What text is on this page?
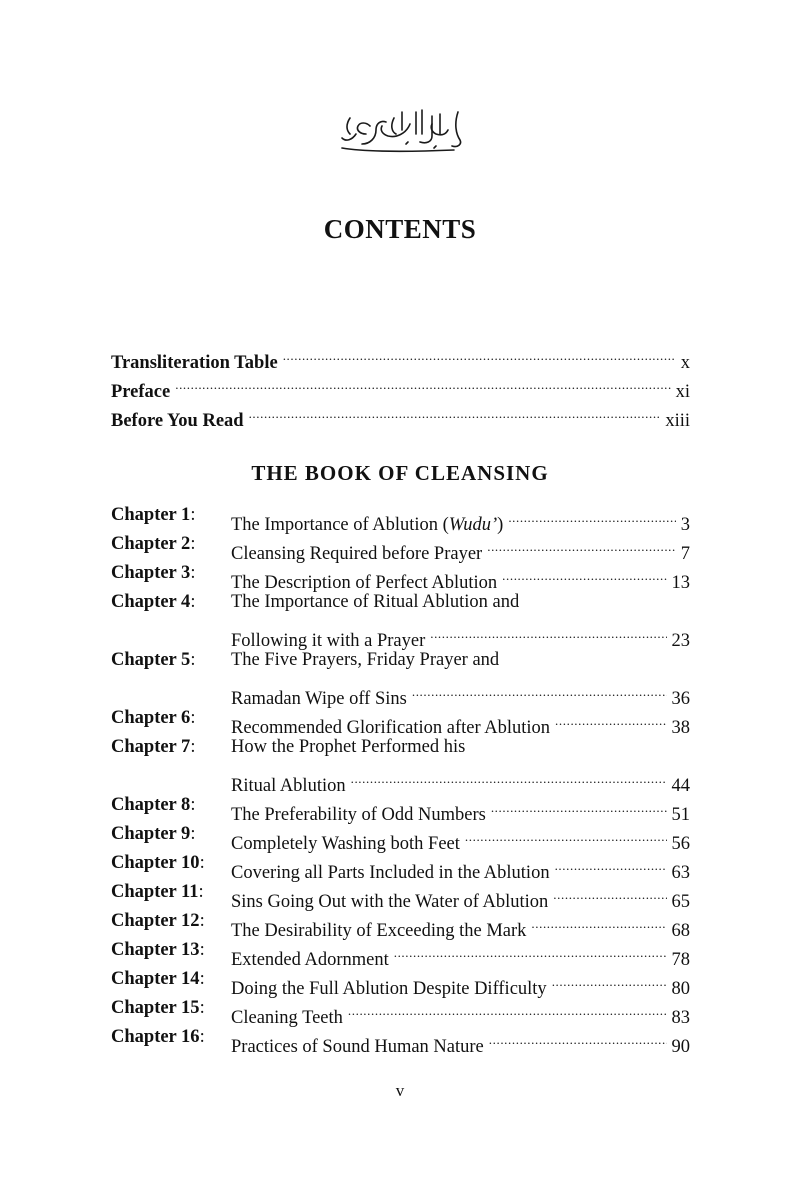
CONTENTS
Transliteration Table .....	x
Preface .....	xi
Before You Read .....	xiii
THE BOOK OF CLEANSING
Chapter 1:	The Importance of Ablution (Wudu’) .....	3
Chapter 2:	Cleansing Required before Prayer .....	7
Chapter 3:	The Description of Perfect Ablution .....	13
Chapter 4:	The Importance of Ritual Ablution and
Following it with a Prayer .....	23
Chapter 5:	The Five Prayers, Friday Prayer and
Ramadan Wipe off Sins .....	36
Chapter 6:	Recommended Glorification after Ablution .....	38
Chapter 7:	How the Prophet Performed his
Ritual Ablution .....	44
Chapter 8:	The Preferability of Odd Numbers .....	51
Chapter 9:	Completely Washing both Feet .....	56
Chapter 10:	Covering all Parts Included in the Ablution .....	63
Chapter 11:	Sins Going Out with the Water of Ablution .....	65
Chapter 12:	The Desirability of Exceeding the Mark .....	68
Chapter 13:	Extended Adornment .....	78
Chapter 14:	Doing the Full Ablution Despite Difficulty .....	80
Chapter 15:	Cleaning Teeth .....	83
Chapter 16:	Practices of Sound Human Nature .....	90

v
